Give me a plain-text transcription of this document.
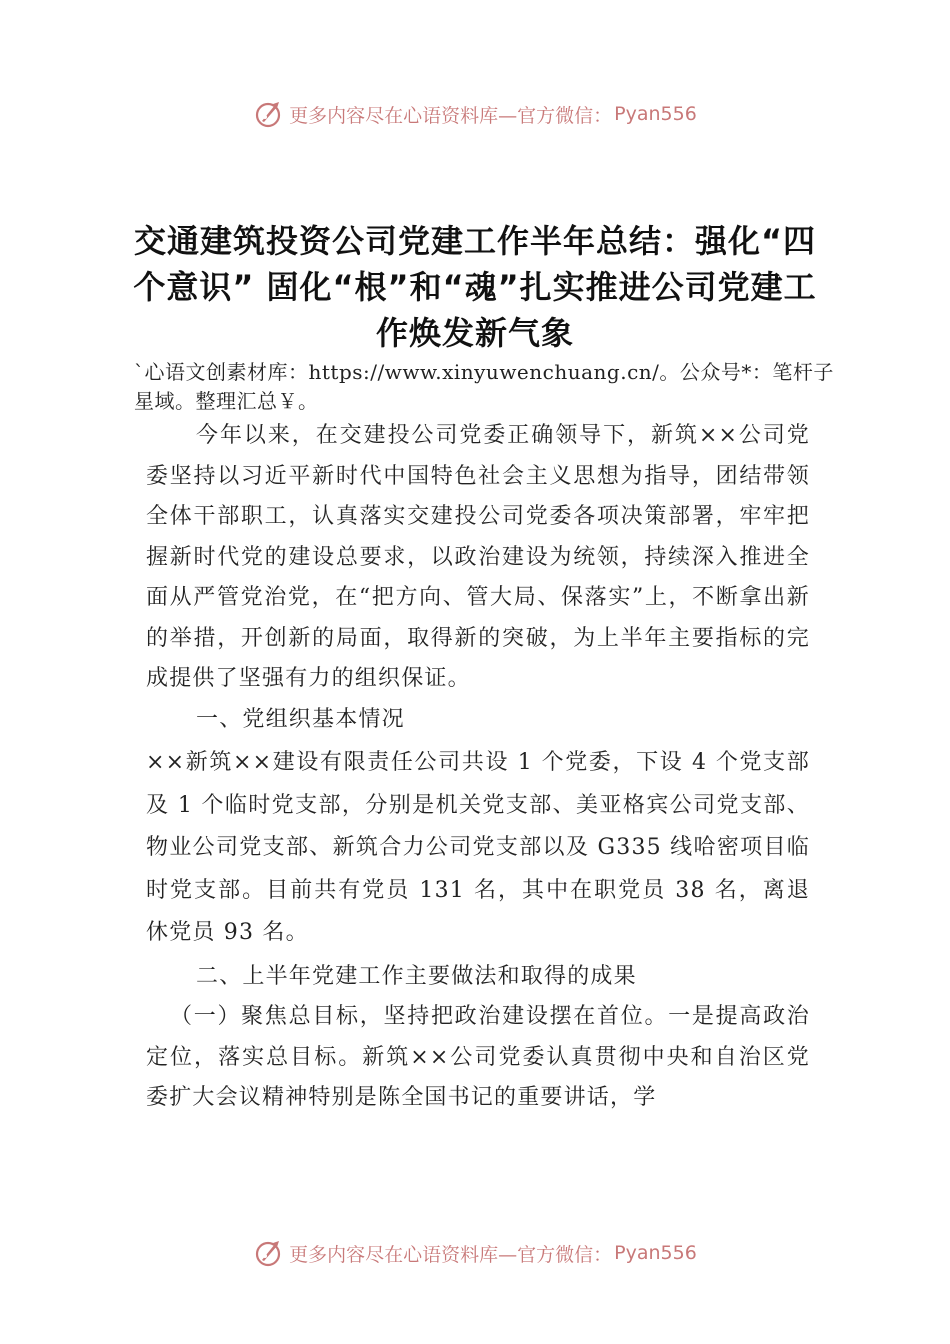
更多内容尽在心语资料库—官方微信： Pyan556
交通建筑投资公司党建工作半年总结：强化“四个意识” 固化“根”和“魂”扎实推进公司党建工作焕发新气象
`心语文创素材库：https://www.xinyuwenchuang.cn/。公众号*：笔杆子星域。整理汇总￥。

今年以来，在交建投公司党委正确领导下，新筑××公司党委坚持以习近平新时代中国特色社会主义思想为指导，团结带领全体干部职工，认真落实交建投公司党委各项决策部署，牢牢把握新时代党的建设总要求，以政治建设为统领，持续深入推进全面从严管党治党，在“把方向、管大局、保落实”上，不断拿出新的举措，开创新的局面，取得新的突破，为上半年主要指标的完成提供了坚强有力的组织保证。

一、党组织基本情况

××新筑××建设有限责任公司共设 1 个党委，下设 4 个党支部及 1 个临时党支部，分别是机关党支部、美亚格宾公司党支部、物业公司党支部、新筑合力公司党支部以及 G335 线哈密项目临时党支部。目前共有党员 131 名，其中在职党员 38 名，离退休党员 93 名。

二、上半年党建工作主要做法和取得的成果

（一）聚焦总目标，坚持把政治建设摆在首位。一是提高政治定位，落实总目标。新筑××公司党委认真贯彻中央和自治区党委扩大会议精神特别是陈全国书记的重要讲话，学

更多内容尽在心语资料库—官方微信： Pyan556
